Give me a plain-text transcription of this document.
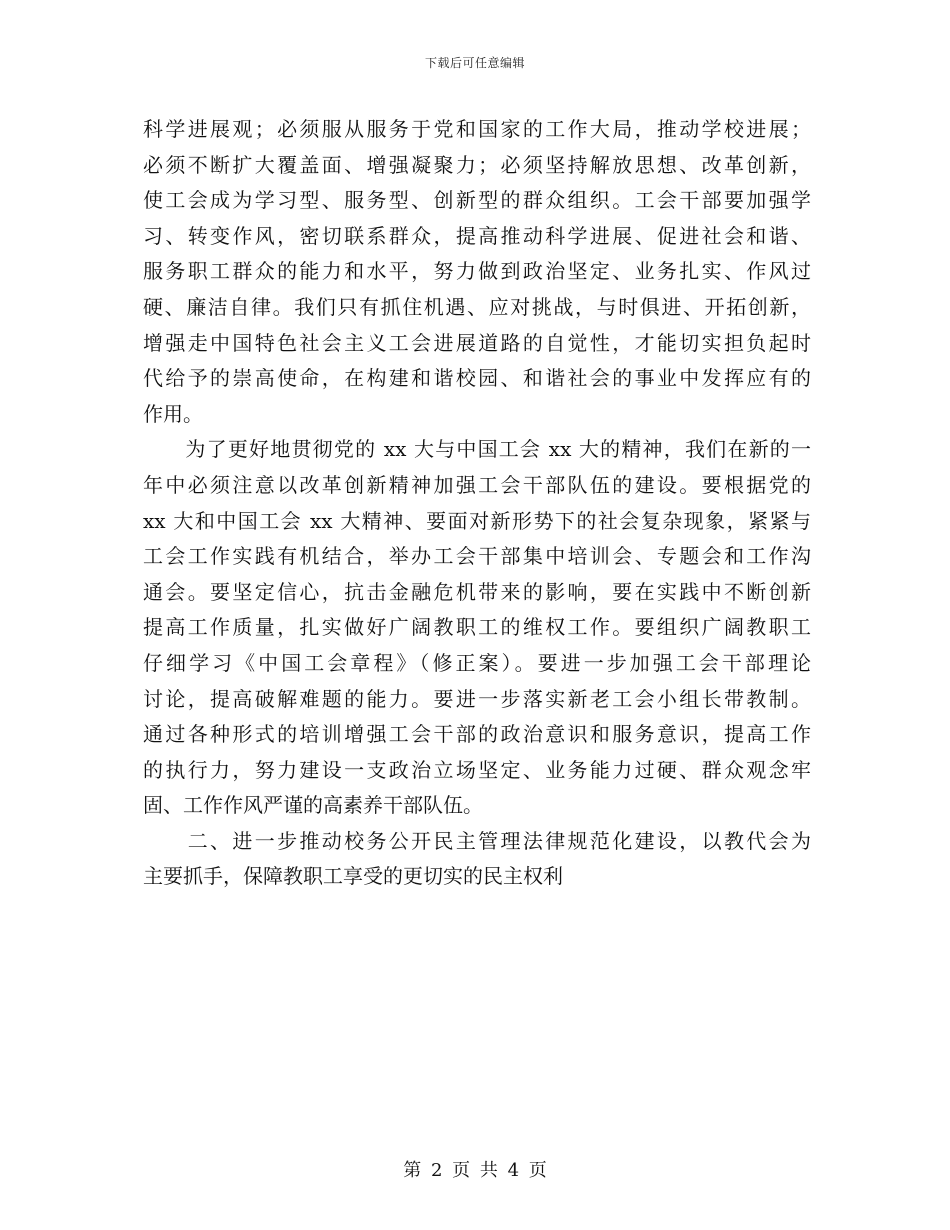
下载后可任意编辑
科学进展观；必须服从服务于党和国家的工作大局，推动学校进展；
必须不断扩大覆盖面、增强凝聚力；必须坚持解放思想、改革创新，
使工会成为学习型、服务型、创新型的群众组织。工会干部要加强学
习、转变作风，密切联系群众，提高推动科学进展、促进社会和谐、
服务职工群众的能力和水平，努力做到政治坚定、业务扎实、作风过
硬、廉洁自律。我们只有抓住机遇、应对挑战，与时俱进、开拓创新，
增强走中国特色社会主义工会进展道路的自觉性，才能切实担负起时
代给予的崇高使命，在构建和谐校园、和谐社会的事业中发挥应有的
作用。
　　为了更好地贯彻党的 xx 大与中国工会 xx 大的精神，我们在新的一
年中必须注意以改革创新精神加强工会干部队伍的建设。要根据党的
xx 大和中国工会 xx 大精神、要面对新形势下的社会复杂现象，紧紧与
工会工作实践有机结合，举办工会干部集中培训会、专题会和工作沟
通会。要坚定信心，抗击金融危机带来的影响，要在实践中不断创新
提高工作质量，扎实做好广阔教职工的维权工作。要组织广阔教职工
仔细学习《中国工会章程》（修正案）。要进一步加强工会干部理论
讨论，提高破解难题的能力。要进一步落实新老工会小组长带教制。
通过各种形式的培训增强工会干部的政治意识和服务意识，提高工作
的执行力，努力建设一支政治立场坚定、业务能力过硬、群众观念牢
固、工作作风严谨的高素养干部队伍。
　　二、进一步推动校务公开民主管理法律规范化建设，以教代会为
主要抓手，保障教职工享受的更切实的民主权利
第 2 页 共 4 页
